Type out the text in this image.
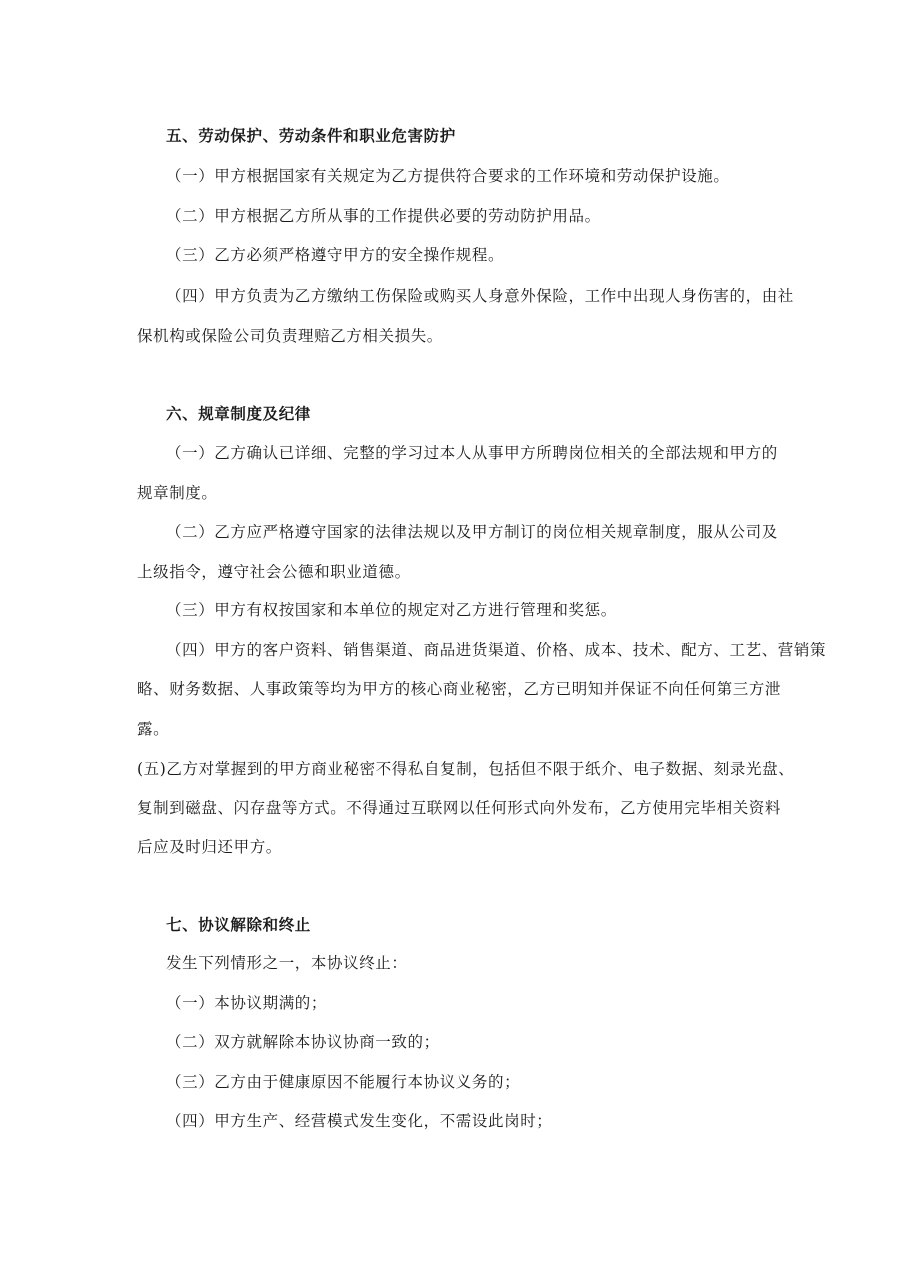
五、劳动保护、劳动条件和职业危害防护
（一）甲方根据国家有关规定为乙方提供符合要求的工作环境和劳动保护设施。
（二）甲方根据乙方所从事的工作提供必要的劳动防护用品。
（三）乙方必须严格遵守甲方的安全操作规程。
（四）甲方负责为乙方缴纳工伤保险或购买人身意外保险，工作中出现人身伤害的，由社
保机构或保险公司负责理赔乙方相关损失。
六、规章制度及纪律
（一）乙方确认已详细、完整的学习过本人从事甲方所聘岗位相关的全部法规和甲方的
规章制度。
（二）乙方应严格遵守国家的法律法规以及甲方制订的岗位相关规章制度，服从公司及
上级指令，遵守社会公德和职业道德。
（三）甲方有权按国家和本单位的规定对乙方进行管理和奖惩。
（四）甲方的客户资料、销售渠道、商品进货渠道、价格、成本、技术、配方、工艺、营销策
略、财务数据、人事政策等均为甲方的核心商业秘密，乙方已明知并保证不向任何第三方泄
露。
(五)乙方对掌握到的甲方商业秘密不得私自复制，包括但不限于纸介、电子数据、刻录光盘、
复制到磁盘、闪存盘等方式。不得通过互联网以任何形式向外发布，乙方使用完毕相关资料
后应及时归还甲方。
七、协议解除和终止
发生下列情形之一，本协议终止：
（一）本协议期满的；
（二）双方就解除本协议协商一致的；
（三）乙方由于健康原因不能履行本协议义务的；
（四）甲方生产、经营模式发生变化，不需设此岗时；
